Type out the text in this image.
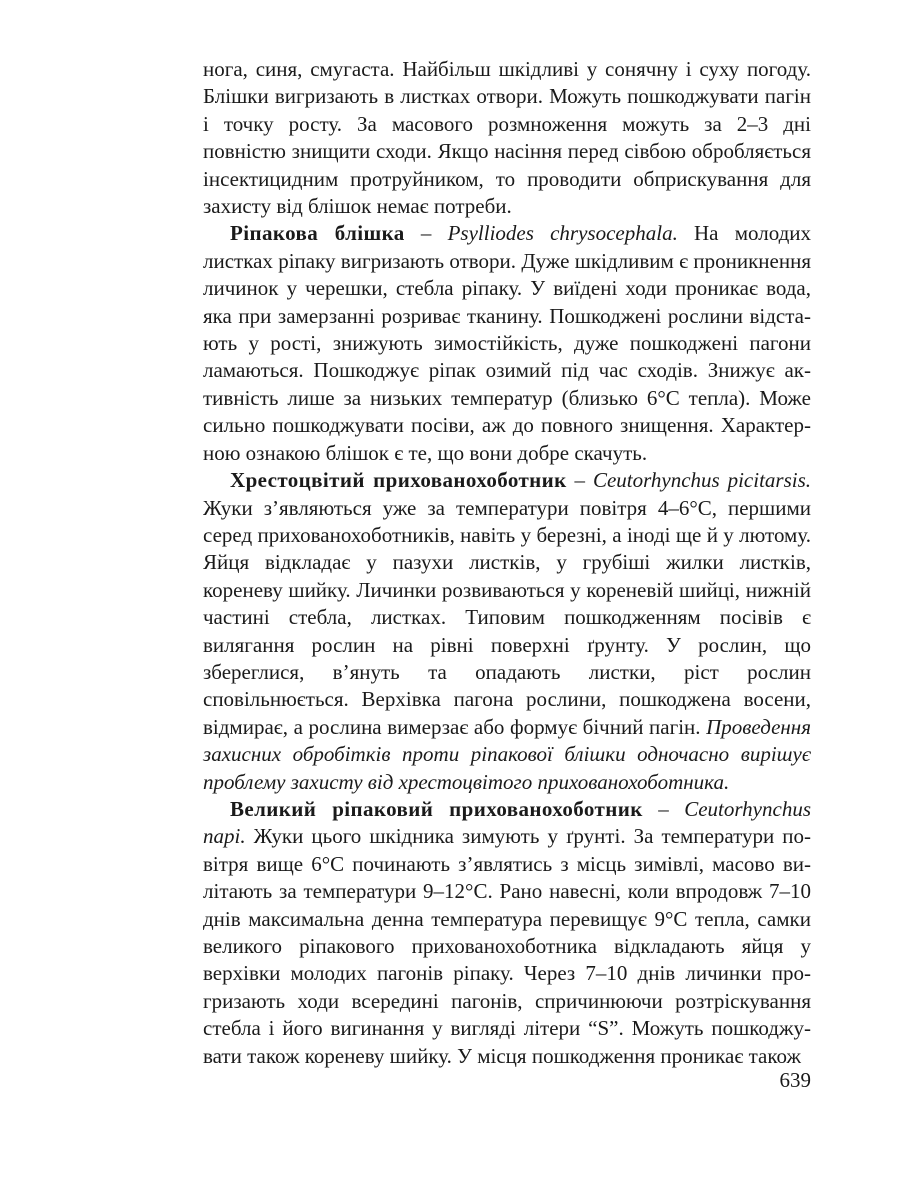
нога, синя, смугаста. Найбільш шкідливі у сонячну і суху погоду. Блішки вигризають в листках отвори. Можуть пошкоджувати пагін і точку росту. За масового розмноження можуть за 2–3 дні повністю знищити сходи. Якщо насіння перед сівбою обробляється інсектицидним протруйником, то проводити обприскування для захисту від блішок немає потреби.

Ріпакова блішка – Psylliodes chrysocephala. На молодих листках ріпаку вигризають отвори. Дуже шкідливим є проникнення личинок у черешки, стебла ріпаку. У виїдені ходи проникає вода, яка при замерзанні розриває тканину. Пошкоджені рослини відстають у рості, знижують зимостійкість, дуже пошкоджені пагони ламаються. Пошкоджує ріпак озимий під час сходів. Знижує активність лише за низьких температур (близько 6°С тепла). Може сильно пошкоджувати посіви, аж до повного знищення. Характерною ознакою блішок є те, що вони добре скачуть.

Хрестоцвітий прихованохоботник – Ceutorhynchus picitarsis. Жуки з’являються уже за температури повітря 4–6°С, першими серед прихованохоботників, навіть у березні, а іноді ще й у лютому. Яйця відкладає у пазухи листків, у грубіші жилки листків, кореневу шийку. Личинки розвиваються у кореневій шийці, нижній частині стебла, листках. Типовим пошкодженням посівів є вилягання рослин на рівні поверхні ґрунту. У рослин, що збереглися, в’януть та опадають листки, ріст рослин сповільнюється. Верхівка пагона рослини, пошкоджена восени, відмирає, а рослина вимерзає або формує бічний пагін. Проведення захисних обробітків проти ріпакової блішки одночасно вирішує проблему захисту від хрестоцвітого прихованохоботника.

Великий ріпаковий прихованохоботник – Ceutorhynchus napi. Жуки цього шкідника зимують у ґрунті. За температури повітря вище 6°С починають з’являтись з місць зимівлі, масово вилітають за температури 9–12°С. Рано навесні, коли впродовж 7–10 днів максимальна денна температура перевищує 9°С тепла, самки великого ріпакового прихованохоботника відкладають яйця у верхівки молодих пагонів ріпаку. Через 7–10 днів личинки прогризають ходи всередині пагонів, спричинюючи розтріскування стебла і його вигинання у вигляді літери “S”. Можуть пошкоджувати також кореневу шийку. У місця пошкодження проникає також

639
